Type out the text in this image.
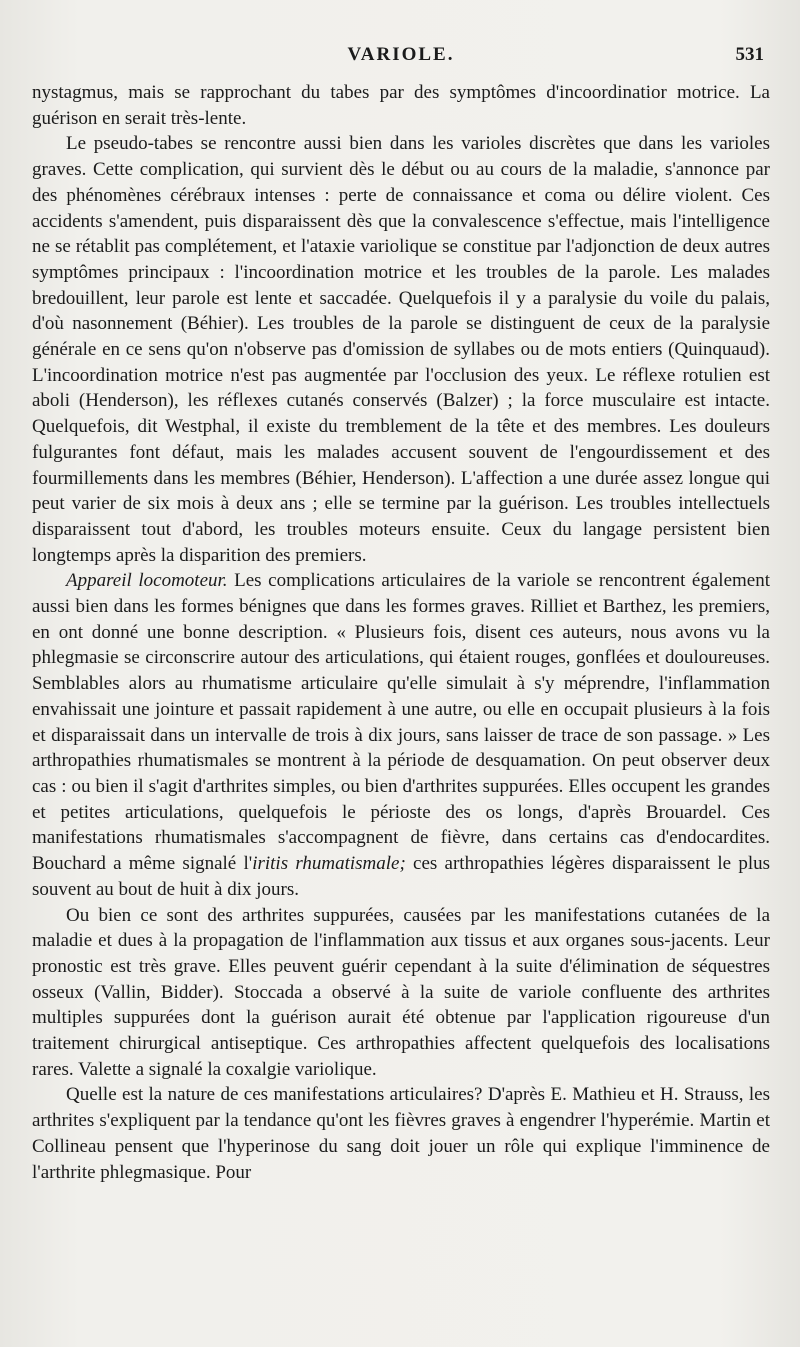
VARIOLE.	531

nystagmus, mais se rapprochant du tabes par des symptômes d'incoordinatior motrice. La guérison en serait très-lente.

Le pseudo-tabes se rencontre aussi bien dans les varioles discrètes que dans les varioles graves. Cette complication, qui survient dès le début ou au cours de la maladie, s'annonce par des phénomènes cérébraux intenses : perte de connaissance et coma ou délire violent. Ces accidents s'amendent, puis disparaissent dès que la convalescence s'effectue, mais l'intelligence ne se rétablit pas complétement, et l'ataxie variolique se constitue par l'adjonction de deux autres symptômes principaux : l'incoordination motrice et les troubles de la parole. Les malades bredouillent, leur parole est lente et saccadée. Quelquefois il y a paralysie du voile du palais, d'où nasonnement (Béhier). Les troubles de la parole se distinguent de ceux de la paralysie générale en ce sens qu'on n'observe pas d'omission de syllabes ou de mots entiers (Quinquaud). L'incoordination motrice n'est pas augmentée par l'occlusion des yeux. Le réflexe rotulien est aboli (Henderson), les réflexes cutanés conservés (Balzer) ; la force musculaire est intacte. Quelquefois, dit Westphal, il existe du tremblement de la tête et des membres. Les douleurs fulgurantes font défaut, mais les malades accusent souvent de l'engourdissement et des fourmillements dans les membres (Béhier, Henderson). L'affection a une durée assez longue qui peut varier de six mois à deux ans ; elle se termine par la guérison. Les troubles intellectuels disparaissent tout d'abord, les troubles moteurs ensuite. Ceux du langage persistent bien longtemps après la disparition des premiers.

Appareil locomoteur. Les complications articulaires de la variole se rencontrent également aussi bien dans les formes bénignes que dans les formes graves. Rilliet et Barthez, les premiers, en ont donné une bonne description. « Plusieurs fois, disent ces auteurs, nous avons vu la phlegmasie se circonscrire autour des articulations, qui étaient rouges, gonflées et douloureuses. Semblables alors au rhumatisme articulaire qu'elle simulait à s'y méprendre, l'inflammation envahissait une jointure et passait rapidement à une autre, ou elle en occupait plusieurs à la fois et disparaissait dans un intervalle de trois à dix jours, sans laisser de trace de son passage. » Les arthropathies rhumatismales se montrent à la période de desquamation. On peut observer deux cas : ou bien il s'agit d'arthrites simples, ou bien d'arthrites suppurées. Elles occupent les grandes et petites articulations, quelquefois le périoste des os longs, d'après Brouardel. Ces manifestations rhumatismales s'accompagnent de fièvre, dans certains cas d'endocardites. Bouchard a même signalé l'iritis rhumatismale; ces arthropathies légères disparaissent le plus souvent au bout de huit à dix jours.

Ou bien ce sont des arthrites suppurées, causées par les manifestations cutanées de la maladie et dues à la propagation de l'inflammation aux tissus et aux organes sous-jacents. Leur pronostic est très grave. Elles peuvent guérir cependant à la suite d'élimination de séquestres osseux (Vallin, Bidder). Stoccada a observé à la suite de variole confluente des arthrites multiples suppurées dont la guérison aurait été obtenue par l'application rigoureuse d'un traitement chirurgical antiseptique. Ces arthropathies affectent quelquefois des localisations rares. Valette a signalé la coxalgie variolique.

Quelle est la nature de ces manifestations articulaires? D'après E. Mathieu et H. Strauss, les arthrites s'expliquent par la tendance qu'ont les fièvres graves à engendrer l'hyperémie. Martin et Collineau pensent que l'hyperinose du sang doit jouer un rôle qui explique l'imminence de l'arthrite phlegmasique. Pour
